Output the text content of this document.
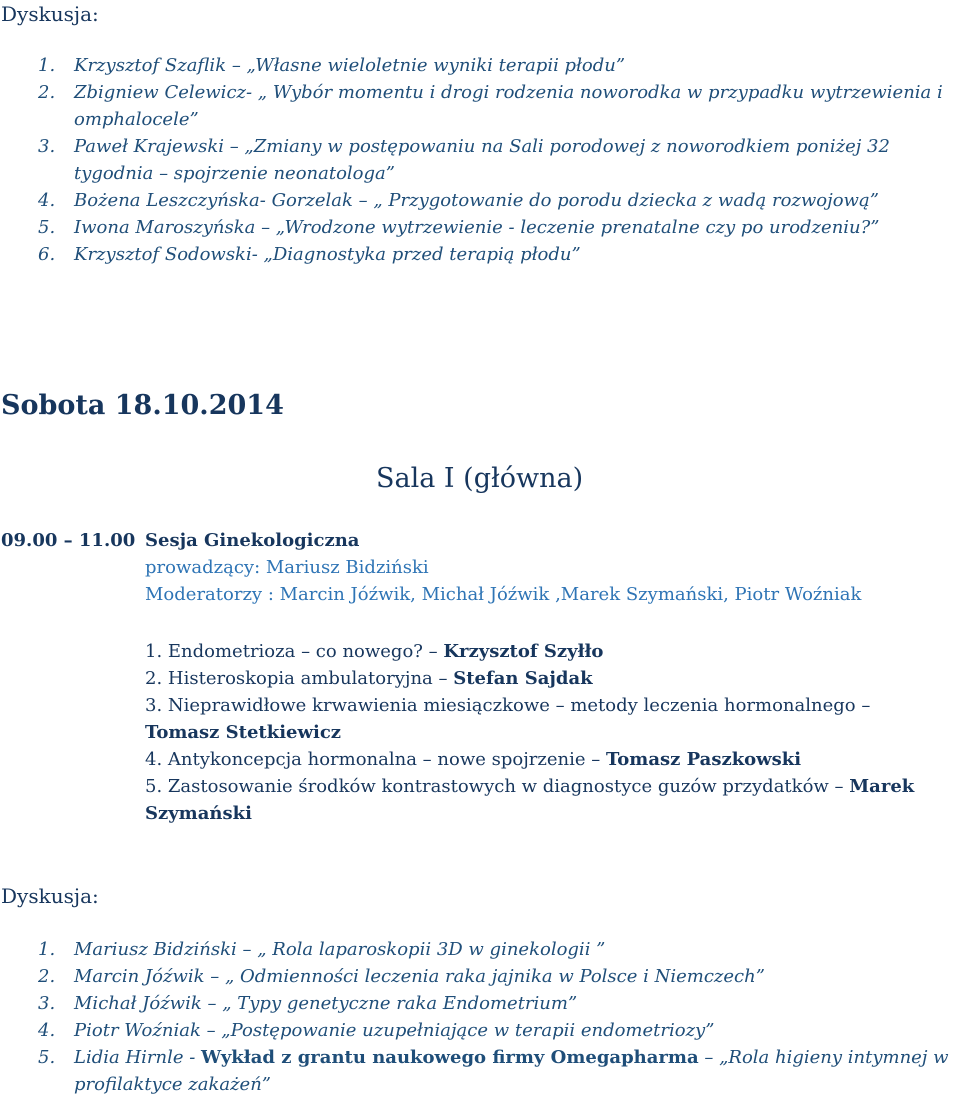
Dyskusja:
1. Krzysztof Szaflik – „Własne wieloletnie wyniki terapii płodu”
2. Zbigniew Celewicz- „ Wybór momentu i drogi rodzenia noworodka w przypadku wytrzewienia i omphalocele”
3. Paweł Krajewski – „Zmiany w postępowaniu na Sali porodowej z noworodkiem poniżej 32 tygodnia – spojrzenie neonatologa”
4. Bożena Leszczyńska- Gorzelak – „ Przygotowanie do porodu dziecka z wadą rozwojową”
5. Iwona Maroszyńska – „Wrodzone wytrzewienie - leczenie prenatalne czy po urodzeniu?”
6. Krzysztof Sodowski- „Diagnostyka przed terapią płodu”
Sobota 18.10.2014
Sala I (główna)
09.00 – 11.00 Sesja Ginekologiczna
prowadzący: Mariusz Bidziński
Moderatorzy : Marcin Jóźwik, Michał Jóźwik ,Marek Szymański, Piotr Woźniak
1. Endometrioza – co nowego? – Krzysztof Szyłło
2. Histeroskopia ambulatoryjna – Stefan Sajdak
3. Nieprawidłowe krwawienia miesiączkowe – metody leczenia hormonalnego – Tomasz Stetkiewicz
4. Antykoncepcja hormonalna – nowe spojrzenie – Tomasz Paszkowski
5. Zastosowanie środków kontrastowych w diagnostyce guzów przydatków – Marek Szymański
Dyskusja:
1. Mariusz Bidziński – „ Rola laparoskopii 3D w ginekologii ”
2. Marcin Jóźwik – „ Odmienności leczenia raka jajnika w Polsce i Niemczech”
3. Michał Jóźwik – „ Typy genetyczne raka Endometrium”
4. Piotr Woźniak – „Postępowanie uzupełniające w terapii endometriozy”
5. Lidia Hirnle - Wykład z grantu naukowego firmy Omegapharma – „Rola higieny intymnej w profilaktyce zakażeń”
